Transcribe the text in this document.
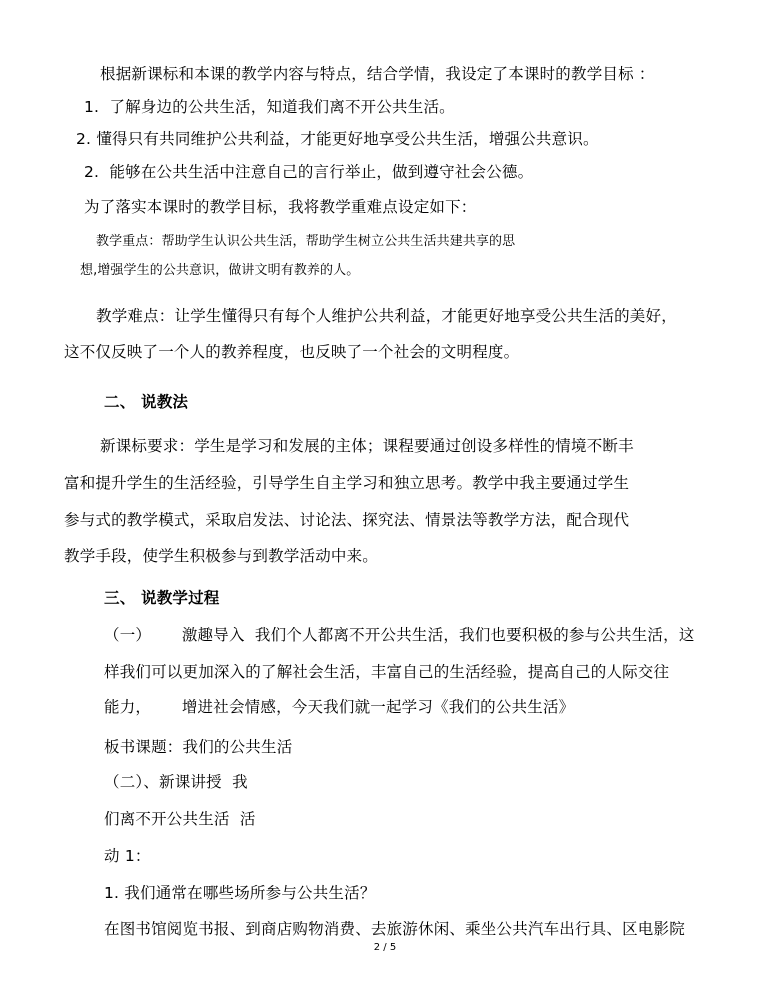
根据新课标和本课的教学内容与特点，结合学情，我设定了本课时的教学目标 ：
1.  了解身边的公共生活，知道我们离不开公共生活。
2. 懂得只有共同维护公共利益，才能更好地享受公共生活，增强公共意识。
2.  能够在公共生活中注意自己的言行举止，做到遵守社会公德。
为了落实本课时的教学目标，我将教学重难点设定如下：
教学重点：帮助学生认识公共生活，帮助学生树立公共生活共建共享的思
想,增强学生的公共意识，做讲文明有教养的人。
教学难点：让学生懂得只有每个人维护公共利益，才能更好地享受公共生活的美好，
这不仅反映了一个人的教养程度，也反映了一个社会的文明程度。
二、 说教法
新课标要求：学生是学习和发展的主体；课程要通过创设多样性的情境不断丰
富和提升学生的生活经验，引导学生自主学习和独立思考。教学中我主要通过学生
参与式的教学模式，采取启发法、讨论法、探究法、情景法等教学方法，配合现代
教学手段，使学生积极参与到教学活动中来。
三、 说教学过程
（一）      激趣导入  我们个人都离不开公共生活，我们也要积极的参与公共生活，这
样我们可以更加深入的了解社会生活，丰富自己的生活经验，提高自己的人际交往
能力，      增进社会情感，今天我们就一起学习《我们的公共生活》
板书课题：我们的公共生活
（二）、新课讲授  我
们离不开公共生活  活
动 1：
1. 我们通常在哪些场所参与公共生活？
在图书馆阅览书报、到商店购物消费、去旅游休闲、乘坐公共汽车出行具、区电影院
2 / 5
